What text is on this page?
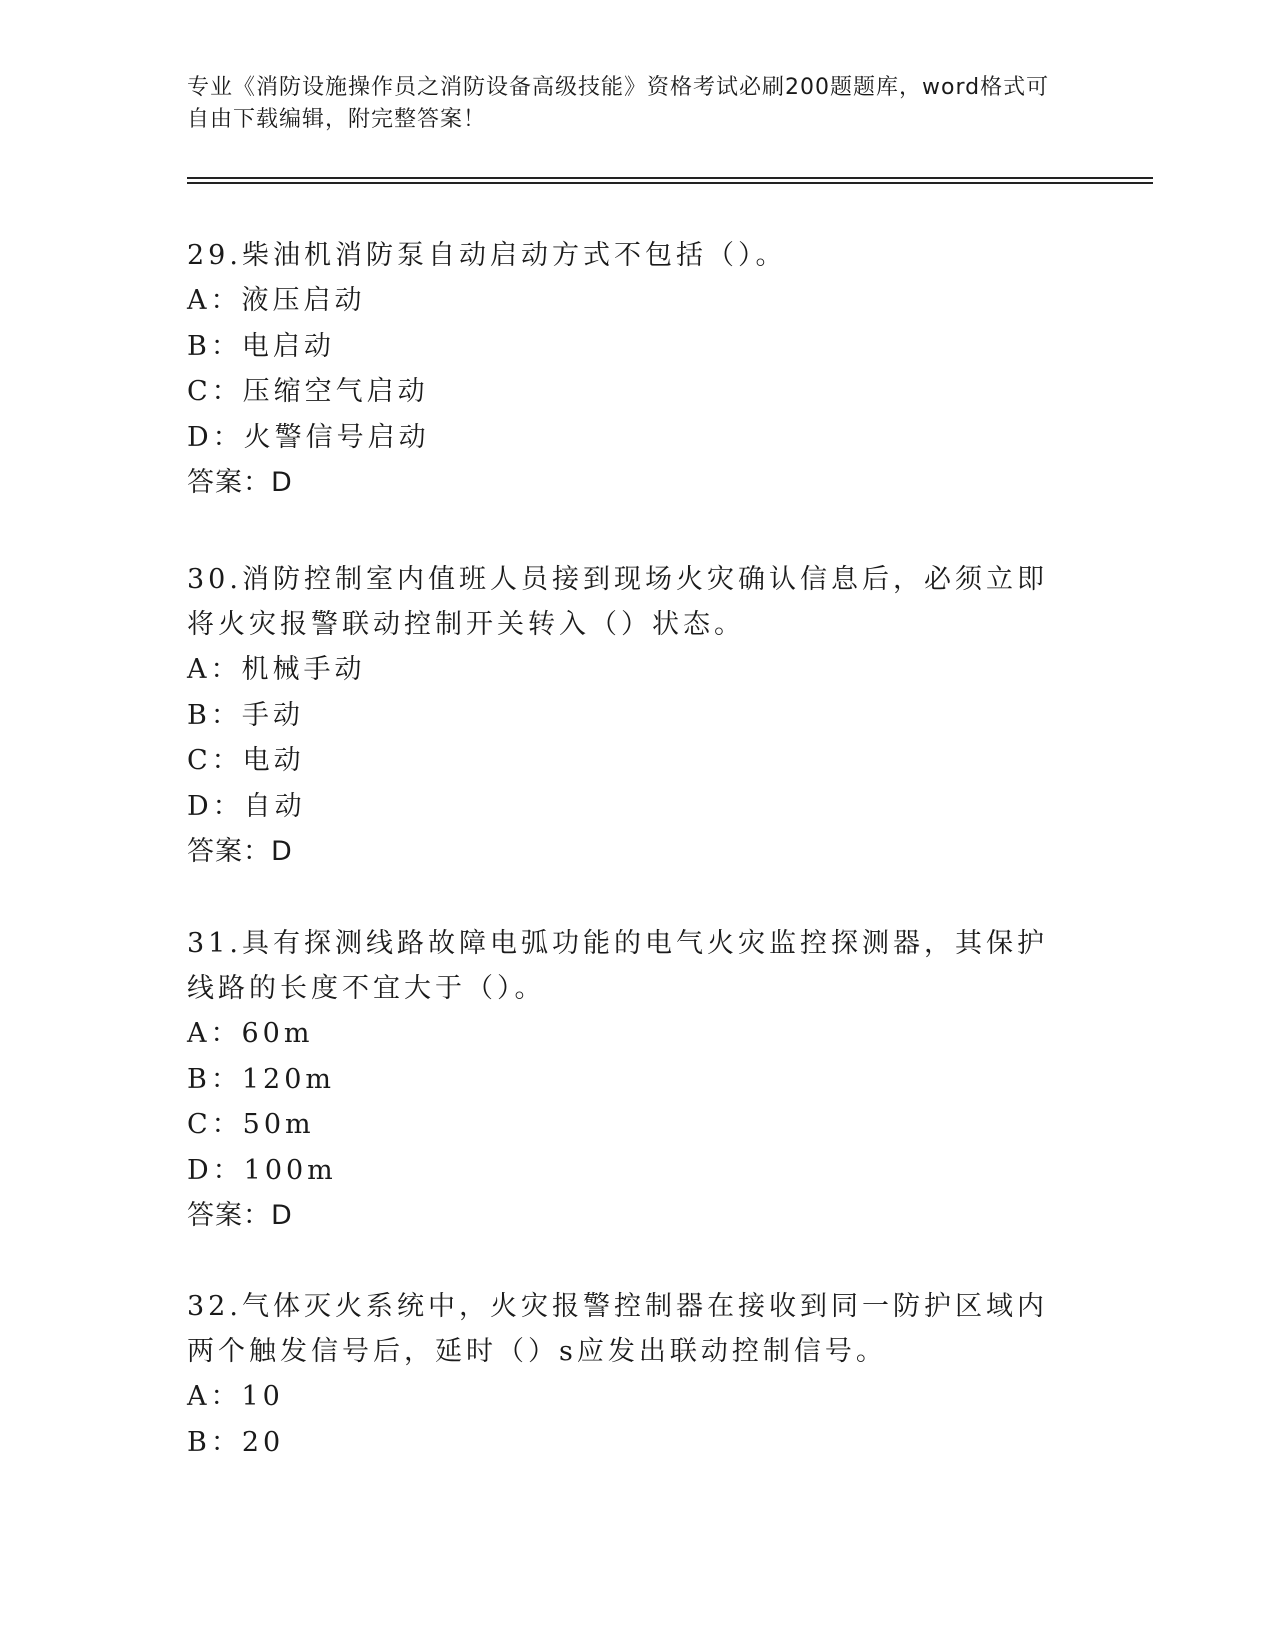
专业《消防设施操作员之消防设备高级技能》资格考试必刷200题题库，word格式可自由下载编辑，附完整答案！

29.柴油机消防泵自动启动方式不包括（）。

A：液压启动

B：电启动

C：压缩空气启动

D：火警信号启动

答案：D

30.消防控制室内值班人员接到现场火灾确认信息后，必须立即将火灾报警联动控制开关转入（）状态。

A：机械手动

B：手动

C：电动

D：自动

答案：D

31.具有探测线路故障电弧功能的电气火灾监控探测器，其保护线路的长度不宜大于（）。

A：60m

B：120m

C：50m

D：100m

答案：D

32.气体灭火系统中，火灾报警控制器在接收到同一防护区域内两个触发信号后，延时（）s应发出联动控制信号。

A：10

B：20
